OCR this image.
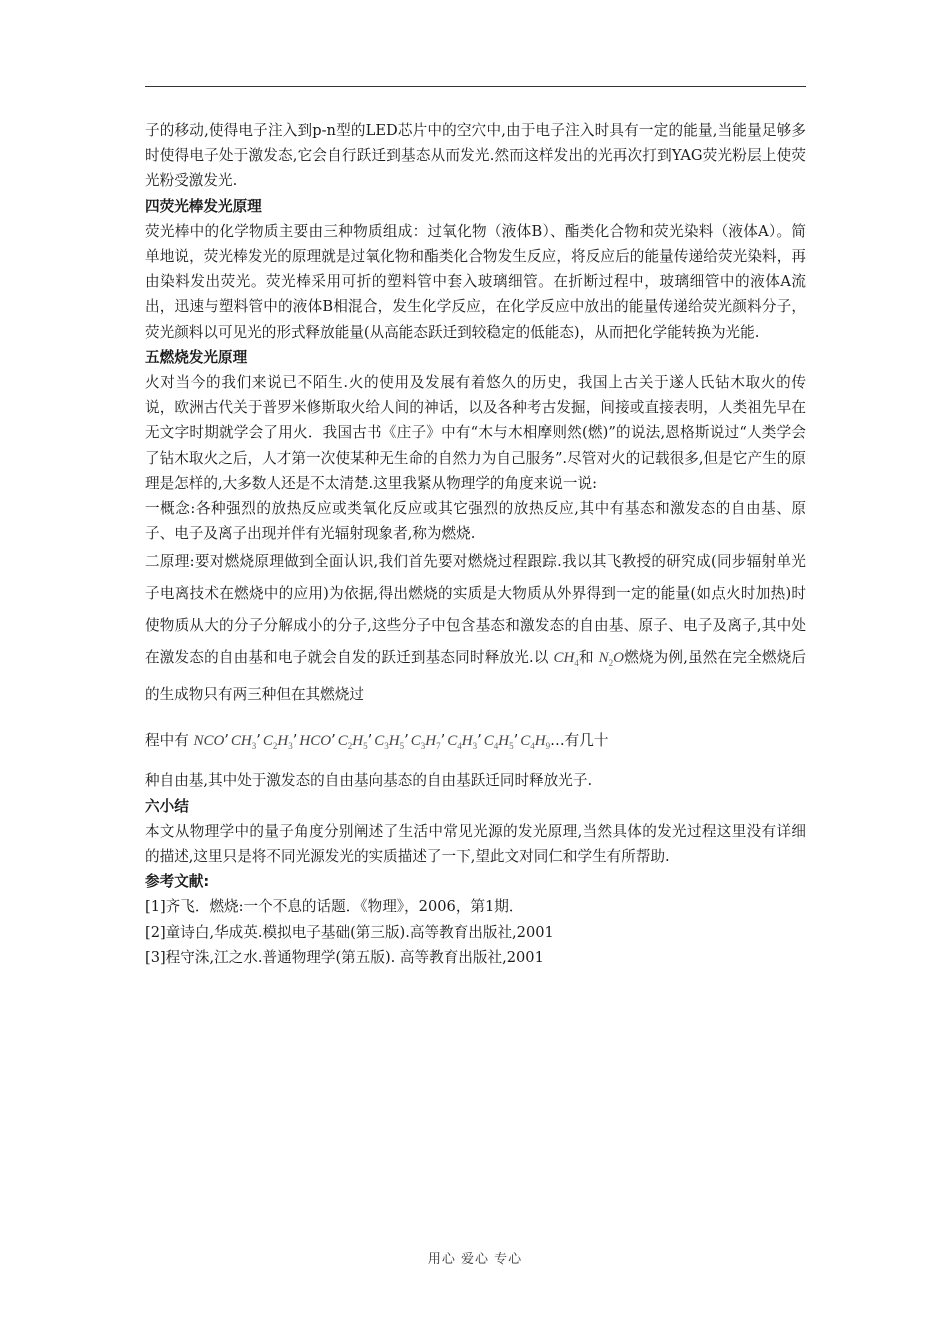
子的移动,使得电子注入到p-n型的LED芯片中的空穴中,由于电子注入时具有一定的能量,当能量足够多时使得电子处于激发态,它会自行跃迁到基态从而发光.然而这样发出的光再次打到YAG荧光粉层上使荧光粉受激发光.

四荧光棒发光原理

荧光棒中的化学物质主要由三种物质组成：过氧化物（液体B）、酯类化合物和荧光染料（液体A）。简单地说，荧光棒发光的原理就是过氧化物和酯类化合物发生反应，将反应后的能量传递给荧光染料，再由染料发出荧光。荧光棒采用可折的塑料管中套入玻璃细管。在折断过程中，玻璃细管中的液体A流出，迅速与塑料管中的液体B相混合，发生化学反应，在化学反应中放出的能量传递给荧光颜料分子，荧光颜料以可见光的形式释放能量(从高能态跃迁到较稳定的低能态)，从而把化学能转换为光能.

五燃烧发光原理

火对当今的我们来说已不陌生.火的使用及发展有着悠久的历史，我国上古关于遂人氏钻木取火的传说，欧洲古代关于普罗米修斯取火给人间的神话，以及各种考古发掘，间接或直接表明，人类祖先早在无文字时期就学会了用火．我国古书《庄子》中有“木与木相摩则然(燃)”的说法,恩格斯说过“人类学会了钻木取火之后，人才第一次使某种无生命的自然力为自己服务”.尽管对火的记载很多,但是它产生的原理是怎样的,大多数人还是不太清楚.这里我紧从物理学的角度来说一说:

一概念:各种强烈的放热反应或类氧化反应或其它强烈的放热反应,其中有基态和激发态的自由基、原子、电子及离子出现并伴有光辐射现象者,称为燃烧.

二原理:要对燃烧原理做到全面认识,我们首先要对燃烧过程跟踪.我以其飞教授的研究成(同步辐射单光子电离技术在燃烧中的应用)为依据,得出燃烧的实质是大物质从外界得到一定的能量(如点火时加热)时使物质从大的分子分解成小的分子,这些分子中包含基态和激发态的自由基、原子、电子及离子,其中处在激发态的自由基和电子就会自发的跃迁到基态同时释放光.以 $CH_4$和 $N_2O$燃烧为例,虽然在完全燃烧后的生成物只有两三种但在其燃烧过

程中有 NCO’ $CH_3$’ $C_2H_3$’ HCO’ $C_2H_5$’ $C_3H_5$’ $C_3H_7$’ $C_4H_3$’ $C_4H_5$’ $C_4H_9\dots$有几十

种自由基,其中处于激发态的自由基向基态的自由基跃迁同时释放光子.

六小结

本文从物理学中的量子角度分别阐述了生活中常见光源的发光原理,当然具体的发光过程这里没有详细的描述,这里只是将不同光源发光的实质描述了一下,望此文对同仁和学生有所帮助.

参考文献:

[1]齐飞．燃烧:一个不息的话题．《物理》，2006，第1期．

[2]童诗白,华成英.模拟电子基础(第三版).高等教育出版社,2001

[3]程守洙,江之水.普通物理学(第五版). 高等教育出版社,2001

用心 爱心 专心
